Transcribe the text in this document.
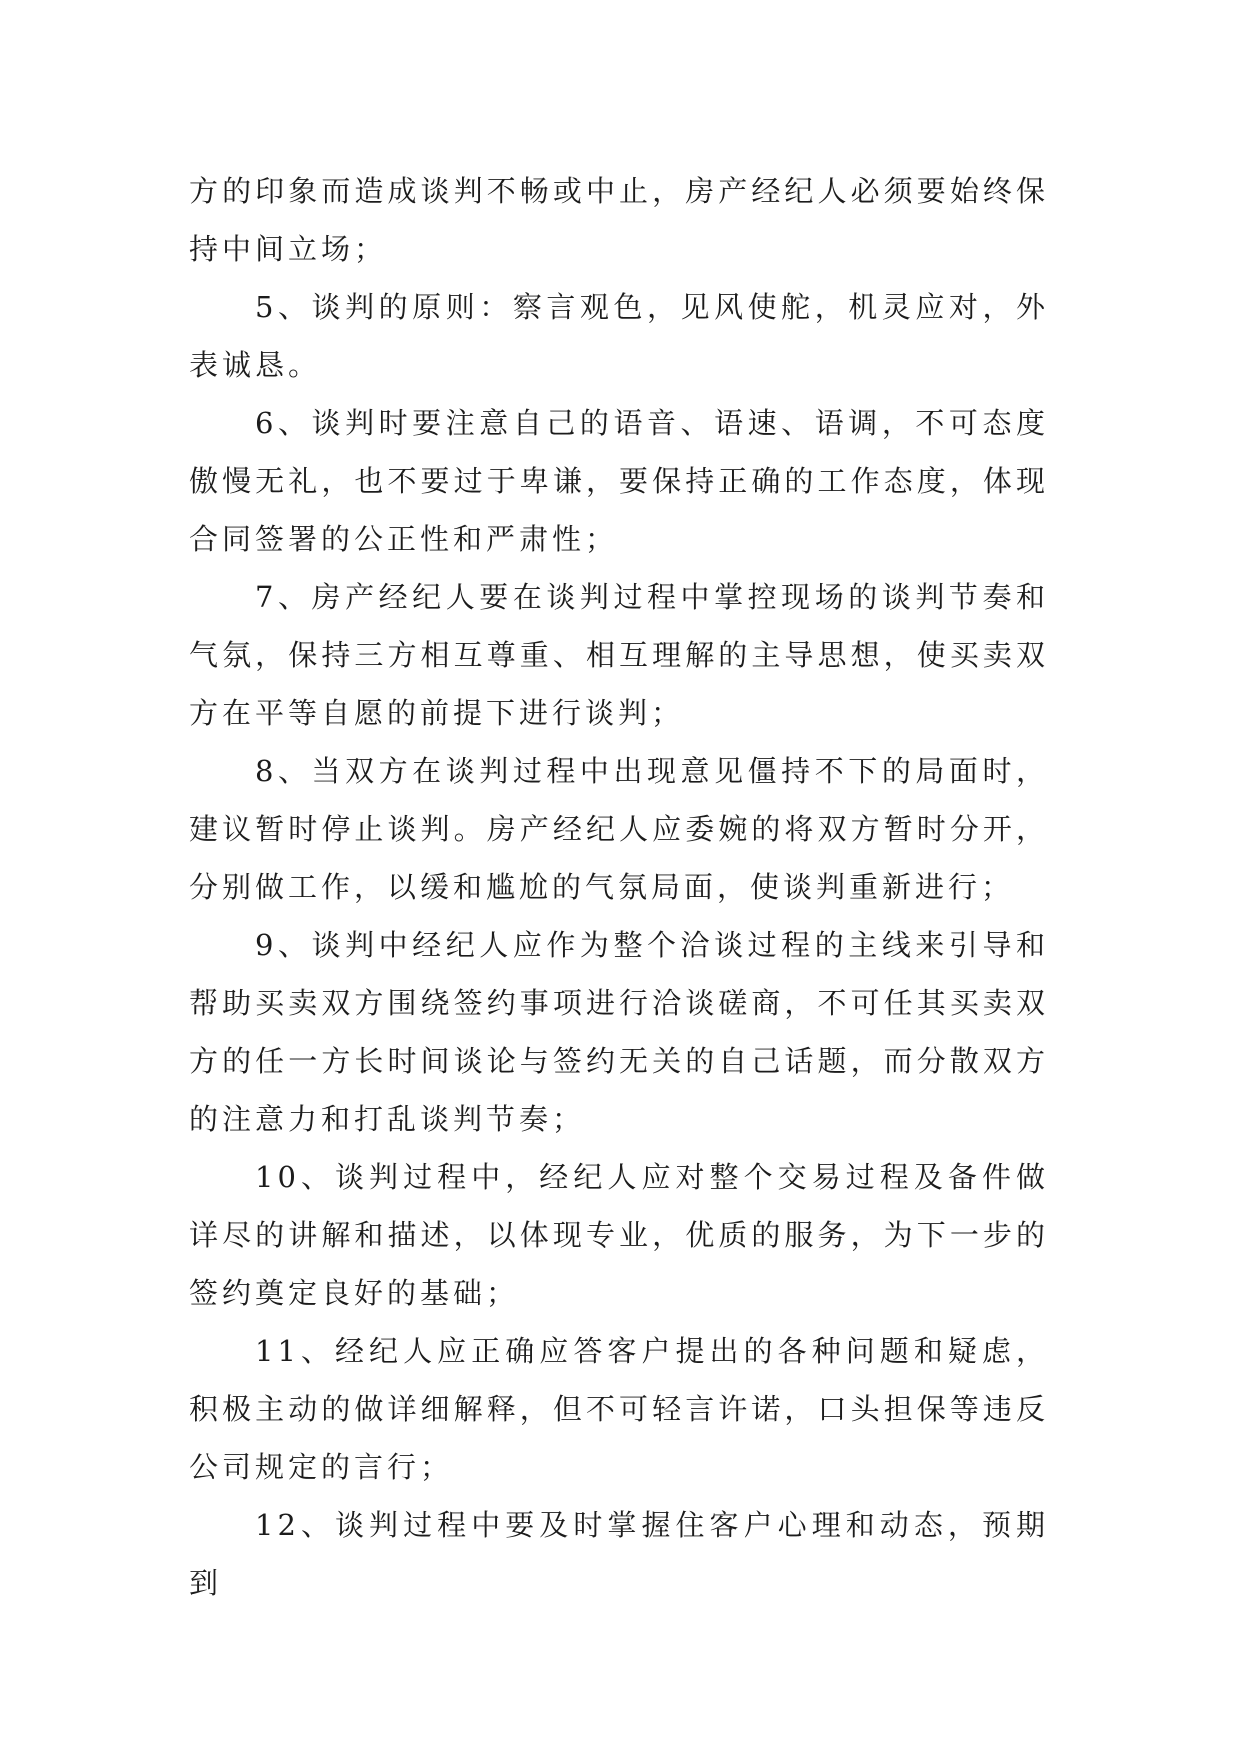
方的印象而造成谈判不畅或中止，房产经纪人必须要始终保持中间立场；

5、谈判的原则：察言观色，见风使舵，机灵应对，外表诚恳。

6、谈判时要注意自己的语音、语速、语调，不可态度傲慢无礼，也不要过于卑谦，要保持正确的工作态度，体现合同签署的公正性和严肃性；

7、房产经纪人要在谈判过程中掌控现场的谈判节奏和气氛，保持三方相互尊重、相互理解的主导思想，使买卖双方在平等自愿的前提下进行谈判；

8、当双方在谈判过程中出现意见僵持不下的局面时，建议暂时停止谈判。房产经纪人应委婉的将双方暂时分开，分别做工作，以缓和尴尬的气氛局面，使谈判重新进行；

9、谈判中经纪人应作为整个洽谈过程的主线来引导和帮助买卖双方围绕签约事项进行洽谈磋商，不可任其买卖双方的任一方长时间谈论与签约无关的自己话题，而分散双方的注意力和打乱谈判节奏；

10、谈判过程中，经纪人应对整个交易过程及备件做详尽的讲解和描述，以体现专业，优质的服务，为下一步的签约奠定良好的基础；

11、经纪人应正确应答客户提出的各种问题和疑虑，积极主动的做详细解释，但不可轻言许诺，口头担保等违反公司规定的言行；

12、谈判过程中要及时掌握住客户心理和动态，预期到
